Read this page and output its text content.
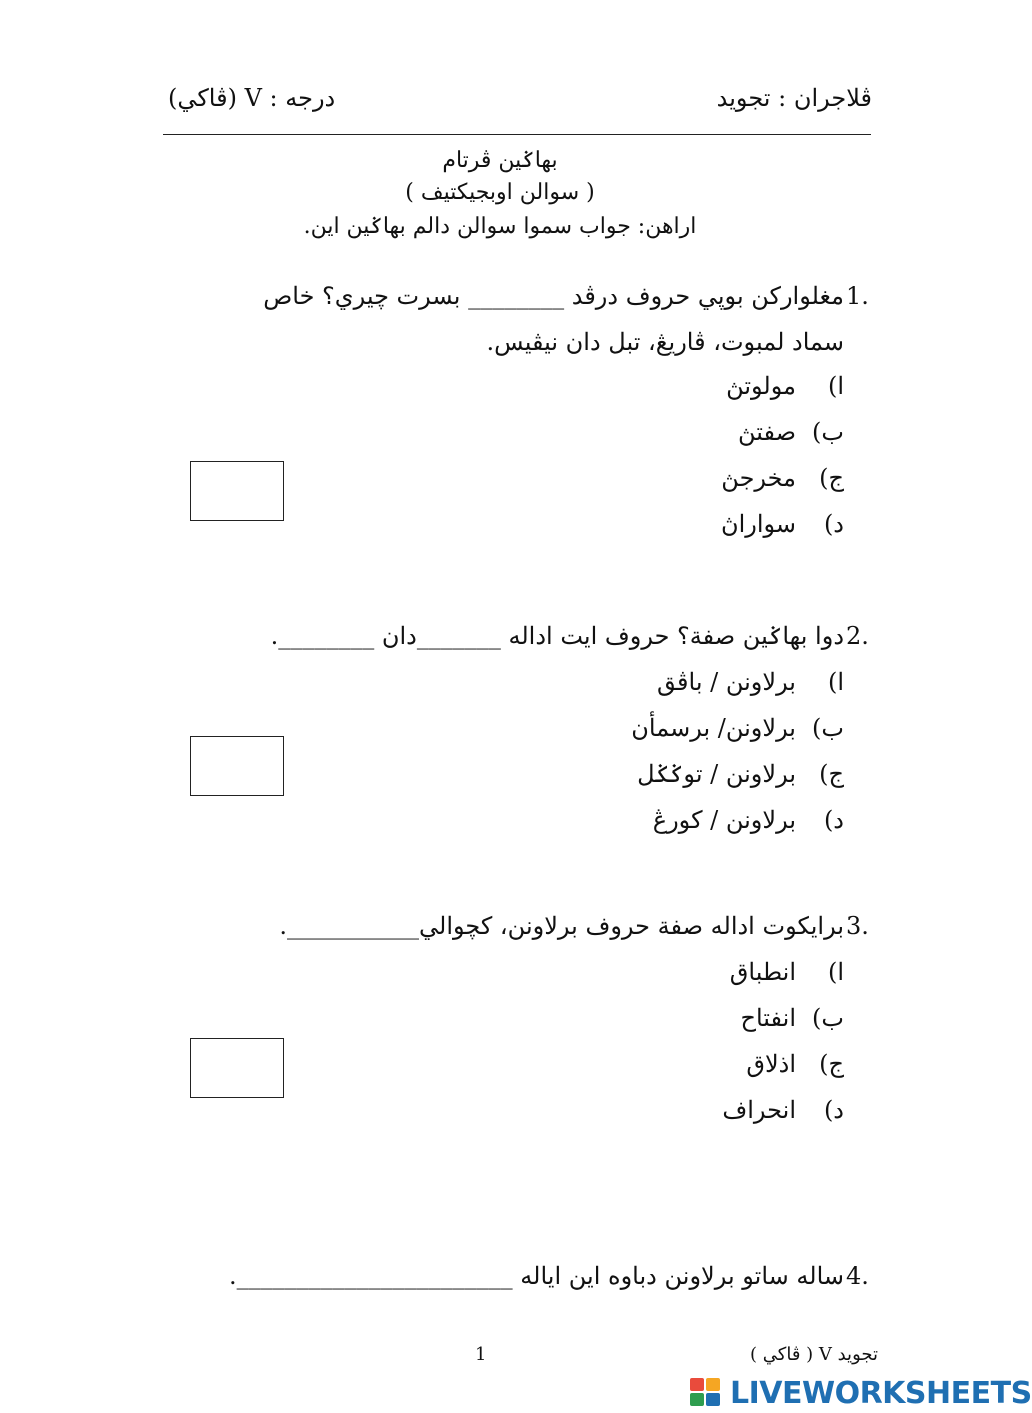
ڤلاجران : تجويد
درجه : V (ڤاكي)
بهاݢين ڤرتام
( سوالن اوبجيكتيف )
اراهن: جواب سموا سوالن دالم بهاݢين اين.
1.
مغلواركن بوپي حروف درڤد ________ بسرت چيري؟ خاص
سماد لمبوت، ڤاريڠ، تبل دان نيڤيس.
ا)
مولوتڽ
ب)
صفتڽ
ج)
مخرجڽ
د)
سواراڽ
2.
دوا بهاݢين صفة؟ حروف ايت اداله _______دان ________.
ا)
برلاونن / باڤق
ب)
برلاونن/ برسمأن
ج)
برلاونن / توݢݢل
د)
برلاونن / كورڠ
3.
برايكوت اداله صفة حروف برلاونن، كچوالي___________.
ا)
انطباق
ب)
انفتاح
ج)
اذلاق
د)
انحراف
4.
ساله ساتو برلاونن دباوه اين اياله _______________________.
تجويد V ( ڤاكي )
1
LIVEWORKSHEETS
